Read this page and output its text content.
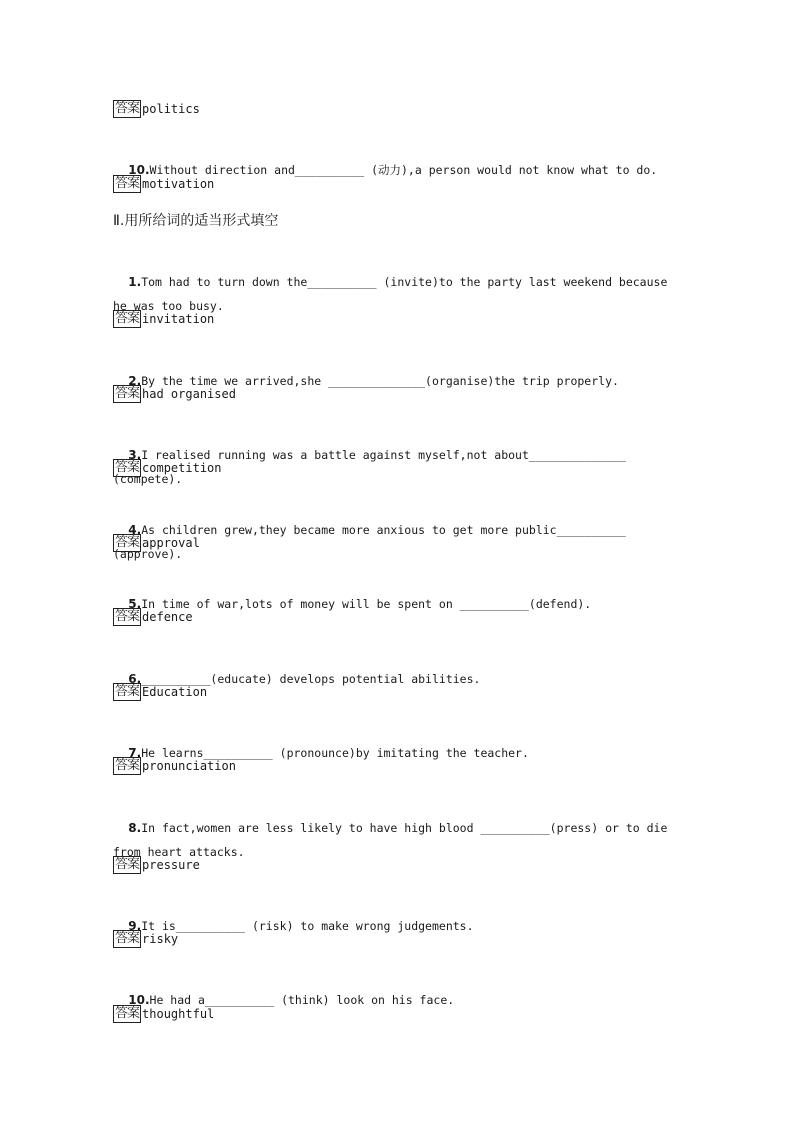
答案 politics

10.Without direction and__________ (动力),a person would not know what to do.

答案 motivation
Ⅱ.用所给词的适当形式填空

1.Tom had to turn down the__________ (invite)to the party last weekend because he was too busy.

答案 invitation

2.By the time we arrived,she ______________(organise)the trip properly.

答案 had organised

3.I realised running was a battle against myself,not about______________ (compete).

答案 competition

4.As children grew,they became more anxious to get more public__________ (approve).

答案 approval

5.In time of war,lots of money will be spent on __________(defend).

答案 defence

6.__________(educate) develops potential abilities.

答案 Education

7.He learns__________ (pronounce)by imitating the teacher.

答案 pronunciation

8.In fact,women are less likely to have high blood __________(press) or to die from heart attacks.

答案 pressure

9.It is__________ (risk) to make wrong judgements.

答案 risky

10.He had a__________ (think) look on his face.

答案 thoughtful
